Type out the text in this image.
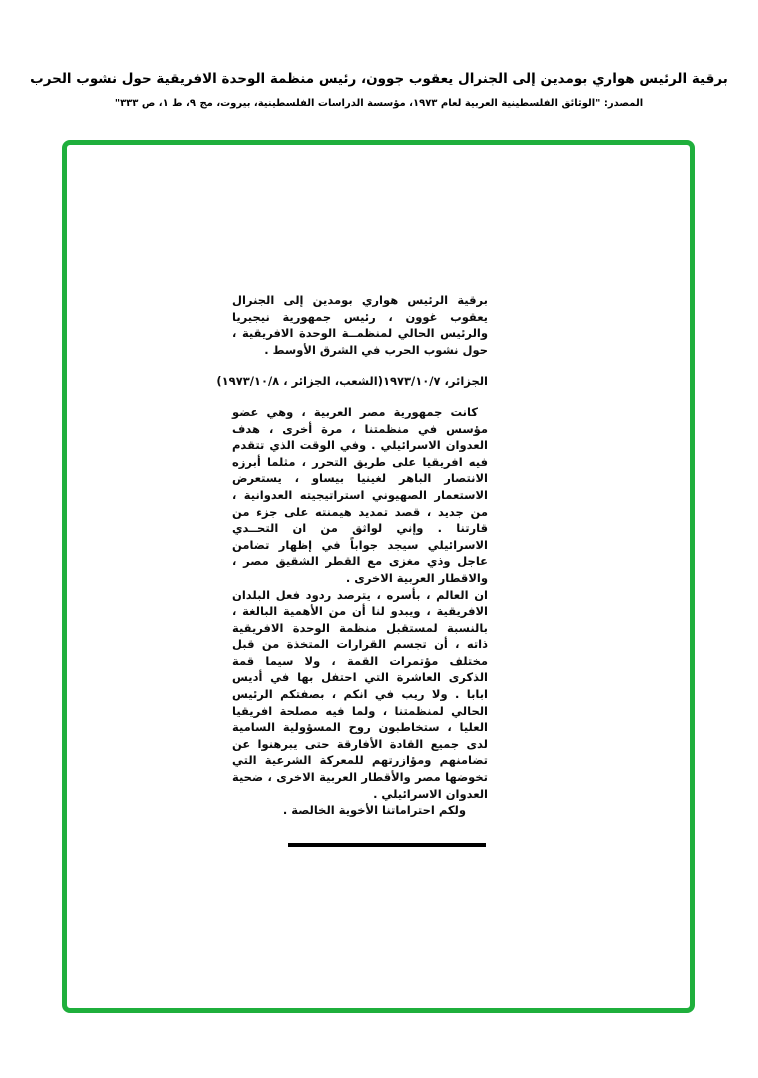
برقية الرئيس هواري بومدين إلى الجنرال يعقوب جوون، رئيس منظمة الوحدة الافريقية حول نشوب الحرب
المصدر: "الوثائق الفلسطينية العربية لعام ١٩٧٣، مؤسسة الدراسات الفلسطينية، بيروت، مج ٩، ط ١، ص ٣٣٣"

برقية الرئيس هواري بومدين إلى الجنرال يعقوب غوون ، رئيس جمهورية نيجيريا والرئيس الحالي لمنظمــة الوحدة الافريقية ، حول نشوب الحرب في الشرق الأوسط .

الجزائر، ١٩٧٣/١٠/٧
(الشعب، الجزائر ، ١٩٧٣/١٠/٨)

كانت جمهورية مصر العربية ، وهي عضو مؤسس في منظمتنا ، مرة أخرى ، هدف العدوان الاسرائيلي . وفي الوقت الذي تتقدم فيه افريقيا على طريق التحرر ، مثلما أبرزه الانتصار الباهر لغينيا بيساو ، يستعرض الاستعمار الصهيوني استراتيجيته العدوانية ، من جديد ، قصد تمديد هيمنته على جزء من قارتنا . وإني لواثق من ان التحــدي الاسرائيلي سيجد جواباً في إظهار تضامن عاجل وذي مغزى مع القطر الشقيق مصر ، والاقطار العربية الاخرى .

ان العالم ، بأسره ، يترصد ردود فعل البلدان الافريقية ، ويبدو لنا أن من الأهمية البالغة ، بالنسبة لمستقبل منظمة الوحدة الافريقية ذاته ، أن تجسم القرارات المتخذة من قبل مختلف مؤتمرات القمة ، ولا سيما قمة الذكرى العاشرة التي احتفل بها في أديس ابابا . ولا ريب في انكم ، بصفتكم الرئيس الحالي لمنظمتنا ، ولما فيه مصلحة افريقيا العليا ، ستخاطبون روح المسؤولية السامية لدى جميع القادة الأفارقة حتى يبرهنوا عن تضامنهم ومؤازرتهم للمعركة الشرعية التي تخوضها مصر والأقطار العربية الاخرى ، ضحية العدوان الاسرائيلي .

ولكم احتراماتنا الأخوية الخالصة .
